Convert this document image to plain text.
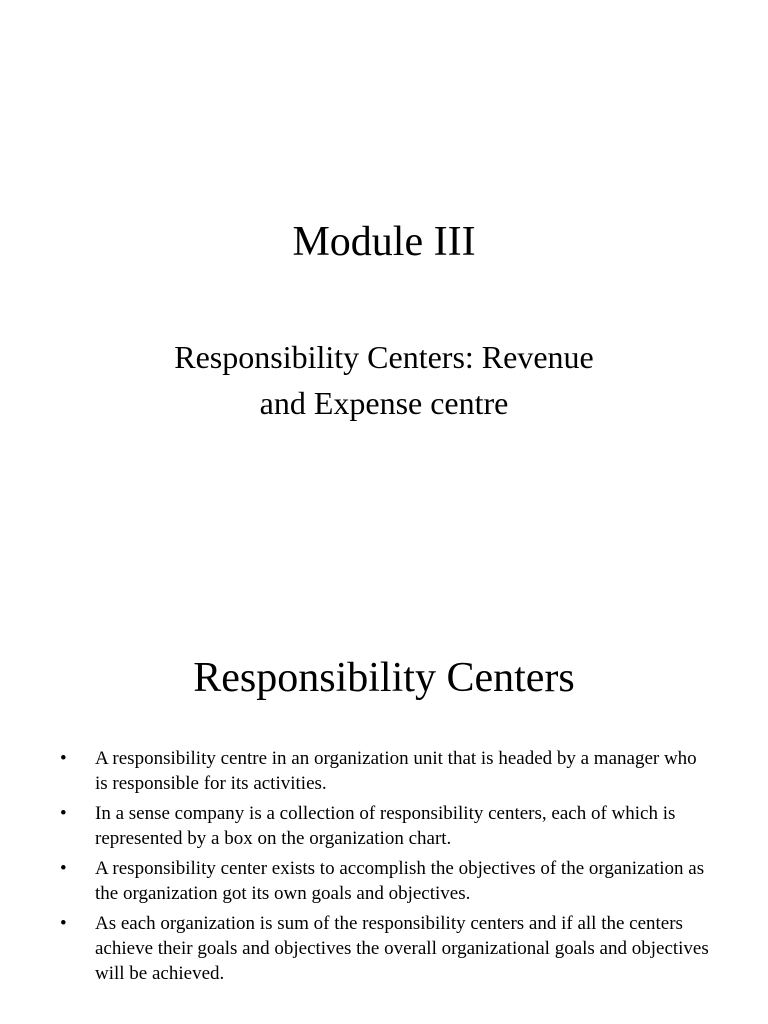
Module III
Responsibility Centers: Revenue
and Expense centre
Responsibility Centers
•	A responsibility centre in an organization unit that is headed by a manager who is responsible for its activities.
•	In a sense company is a collection of responsibility centers, each of which is represented by a box on the organization chart.
•	A responsibility center exists to accomplish the objectives of the organization as the organization got its own goals and objectives.
•	As each organization is sum of the responsibility centers and if all the centers achieve their goals and objectives the overall organizational goals and objectives will be achieved.
